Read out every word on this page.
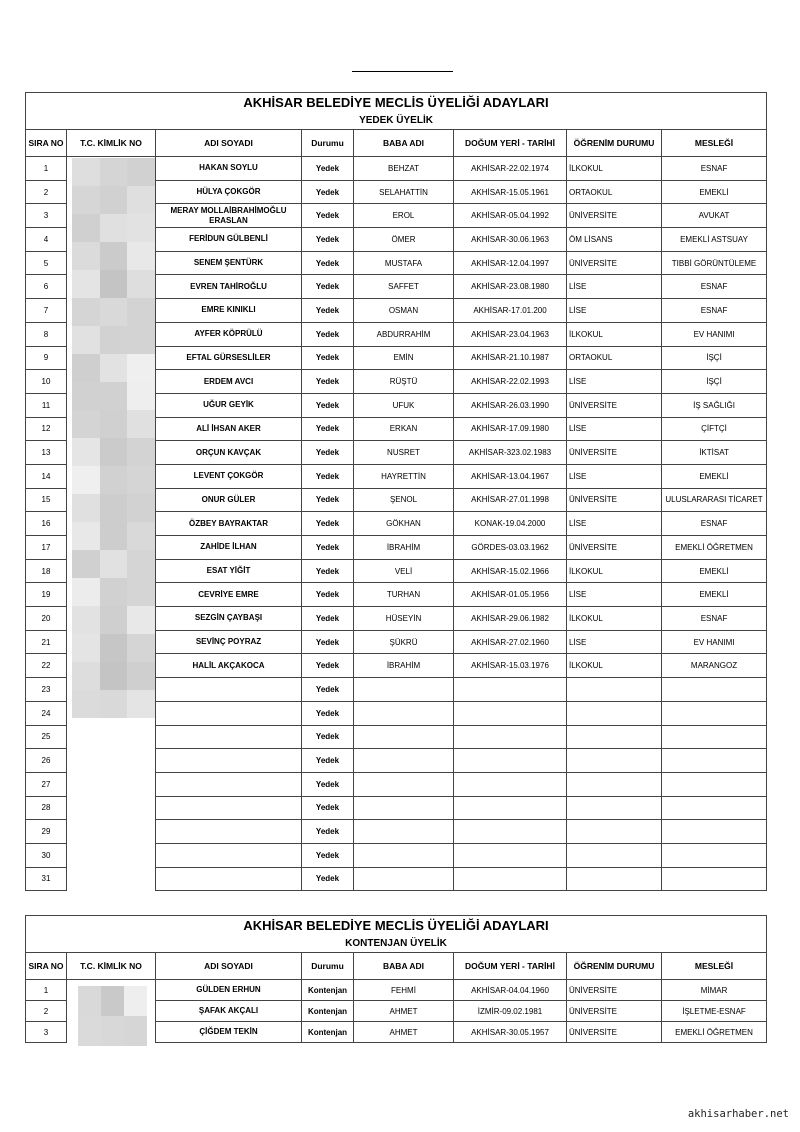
AKHİSAR BELEDİYE MECLİS ÜYELİĞİ ADAYLARI							
YEDEK ÜYELİK							
SIRA NO	T.C. KİMLİK NO	ADI SOYADI	Durumu	BABA ADI	DOĞUM YERİ - TARİHİ	ÖĞRENİM DURUMU	MESLEĞİ
1		HAKAN SOYLU	Yedek	BEHZAT	AKHİSAR-22.02.1974	İLKOKUL	ESNAF
2		HÜLYA ÇOKGÖR	Yedek	SELAHATTİN	AKHİSAR-15.05.1961	ORTAOKUL	EMEKLİ
3		MERAY MOLLAİBRAHİMOĞLU ERASLAN	Yedek	EROL	AKHİSAR-05.04.1992	ÜNİVERSİTE	AVUKAT
4		FERİDUN GÜLBENLİ	Yedek	ÖMER	AKHİSAR-30.06.1963	ÖM LİSANS	EMEKLİ ASTSUAY
5		SENEM ŞENTÜRK	Yedek	MUSTAFA	AKHİSAR-12.04.1997	ÜNİVERSİTE	TIBBİ GÖRÜNTÜLEME
6		EVREN TAHİROĞLU	Yedek	SAFFET	AKHİSAR-23.08.1980	LİSE	ESNAF
7		EMRE KINIKLI	Yedek	OSMAN	AKHİSAR-17.01.200	LİSE	ESNAF
8		AYFER KÖPRÜLÜ	Yedek	ABDURRAHİM	AKHİSAR-23.04.1963	İLKOKUL	EV HANIMI
9		EFTAL GÜRSESLİLER	Yedek	EMİN	AKHİSAR-21.10.1987	ORTAOKUL	İŞÇİ
10		ERDEM AVCI	Yedek	RÜŞTÜ	AKHİSAR-22.02.1993	LİSE	İŞÇİ
11		UĞUR GEYİK	Yedek	UFUK	AKHİSAR-26.03.1990	ÜNİVERSİTE	İŞ SAĞLIĞI
12		ALİ İHSAN AKER	Yedek	ERKAN	AKHİSAR-17.09.1980	LİSE	ÇİFTÇİ
13		ORÇUN KAVÇAK	Yedek	NUSRET	AKHİSAR-323.02.1983	ÜNİVERSİTE	İKTİSAT
14		LEVENT ÇOKGÖR	Yedek	HAYRETTİN	AKHİSAR-13.04.1967	LİSE	EMEKLİ
15		ONUR GÜLER	Yedek	ŞENOL	AKHİSAR-27.01.1998	ÜNİVERSİTE	ULUSLARARASI TİCARET
16		ÖZBEY BAYRAKTAR	Yedek	GÖKHAN	KONAK-19.04.2000	LİSE	ESNAF
17		ZAHİDE İLHAN	Yedek	İBRAHİM	GÖRDES-03.03.1962	ÜNİVERSİTE	EMEKLİ ÖĞRETMEN
18		ESAT YİĞİT	Yedek	VELİ	AKHİSAR-15.02.1966	İLKOKUL	EMEKLİ
19		CEVRİYE EMRE	Yedek	TURHAN	AKHİSAR-01.05.1956	LİSE	EMEKLİ
20		SEZGİN ÇAYBAŞI	Yedek	HÜSEYİN	AKHİSAR-29.06.1982	İLKOKUL	ESNAF
21		SEVİNÇ POYRAZ	Yedek	ŞÜKRÜ	AKHİSAR-27.02.1960	LİSE	EV HANIMI
22		HALİL AKÇAKOCA	Yedek	İBRAHİM	AKHİSAR-15.03.1976	İLKOKUL	MARANGOZ
23			Yedek				
24			Yedek				
25			Yedek				
26			Yedek				
27			Yedek				
28			Yedek				
29			Yedek				
30			Yedek				
31			Yedek				
AKHİSAR BELEDİYE MECLİS ÜYELİĞİ ADAYLARI							
KONTENJAN ÜYELİK							
SIRA NO	T.C. KİMLİK NO	ADI SOYADI	Durumu	BABA ADI	DOĞUM YERİ - TARİHİ	ÖĞRENİM DURUMU	MESLEĞİ
1		GÜLDEN ERHUN	Kontenjan	FEHMİ	AKHİSAR-04.04.1960	ÜNİVERSİTE	MİMAR
2		ŞAFAK AKÇALI	Kontenjan	AHMET	İZMİR-09.02.1981	ÜNİVERSİTE	İŞLETME-ESNAF
3		ÇİĞDEM TEKİN	Kontenjan	AHMET	AKHİSAR-30.05.1957	ÜNİVERSİTE	EMEKLİ ÖĞRETMEN
akhisarhaber.net
